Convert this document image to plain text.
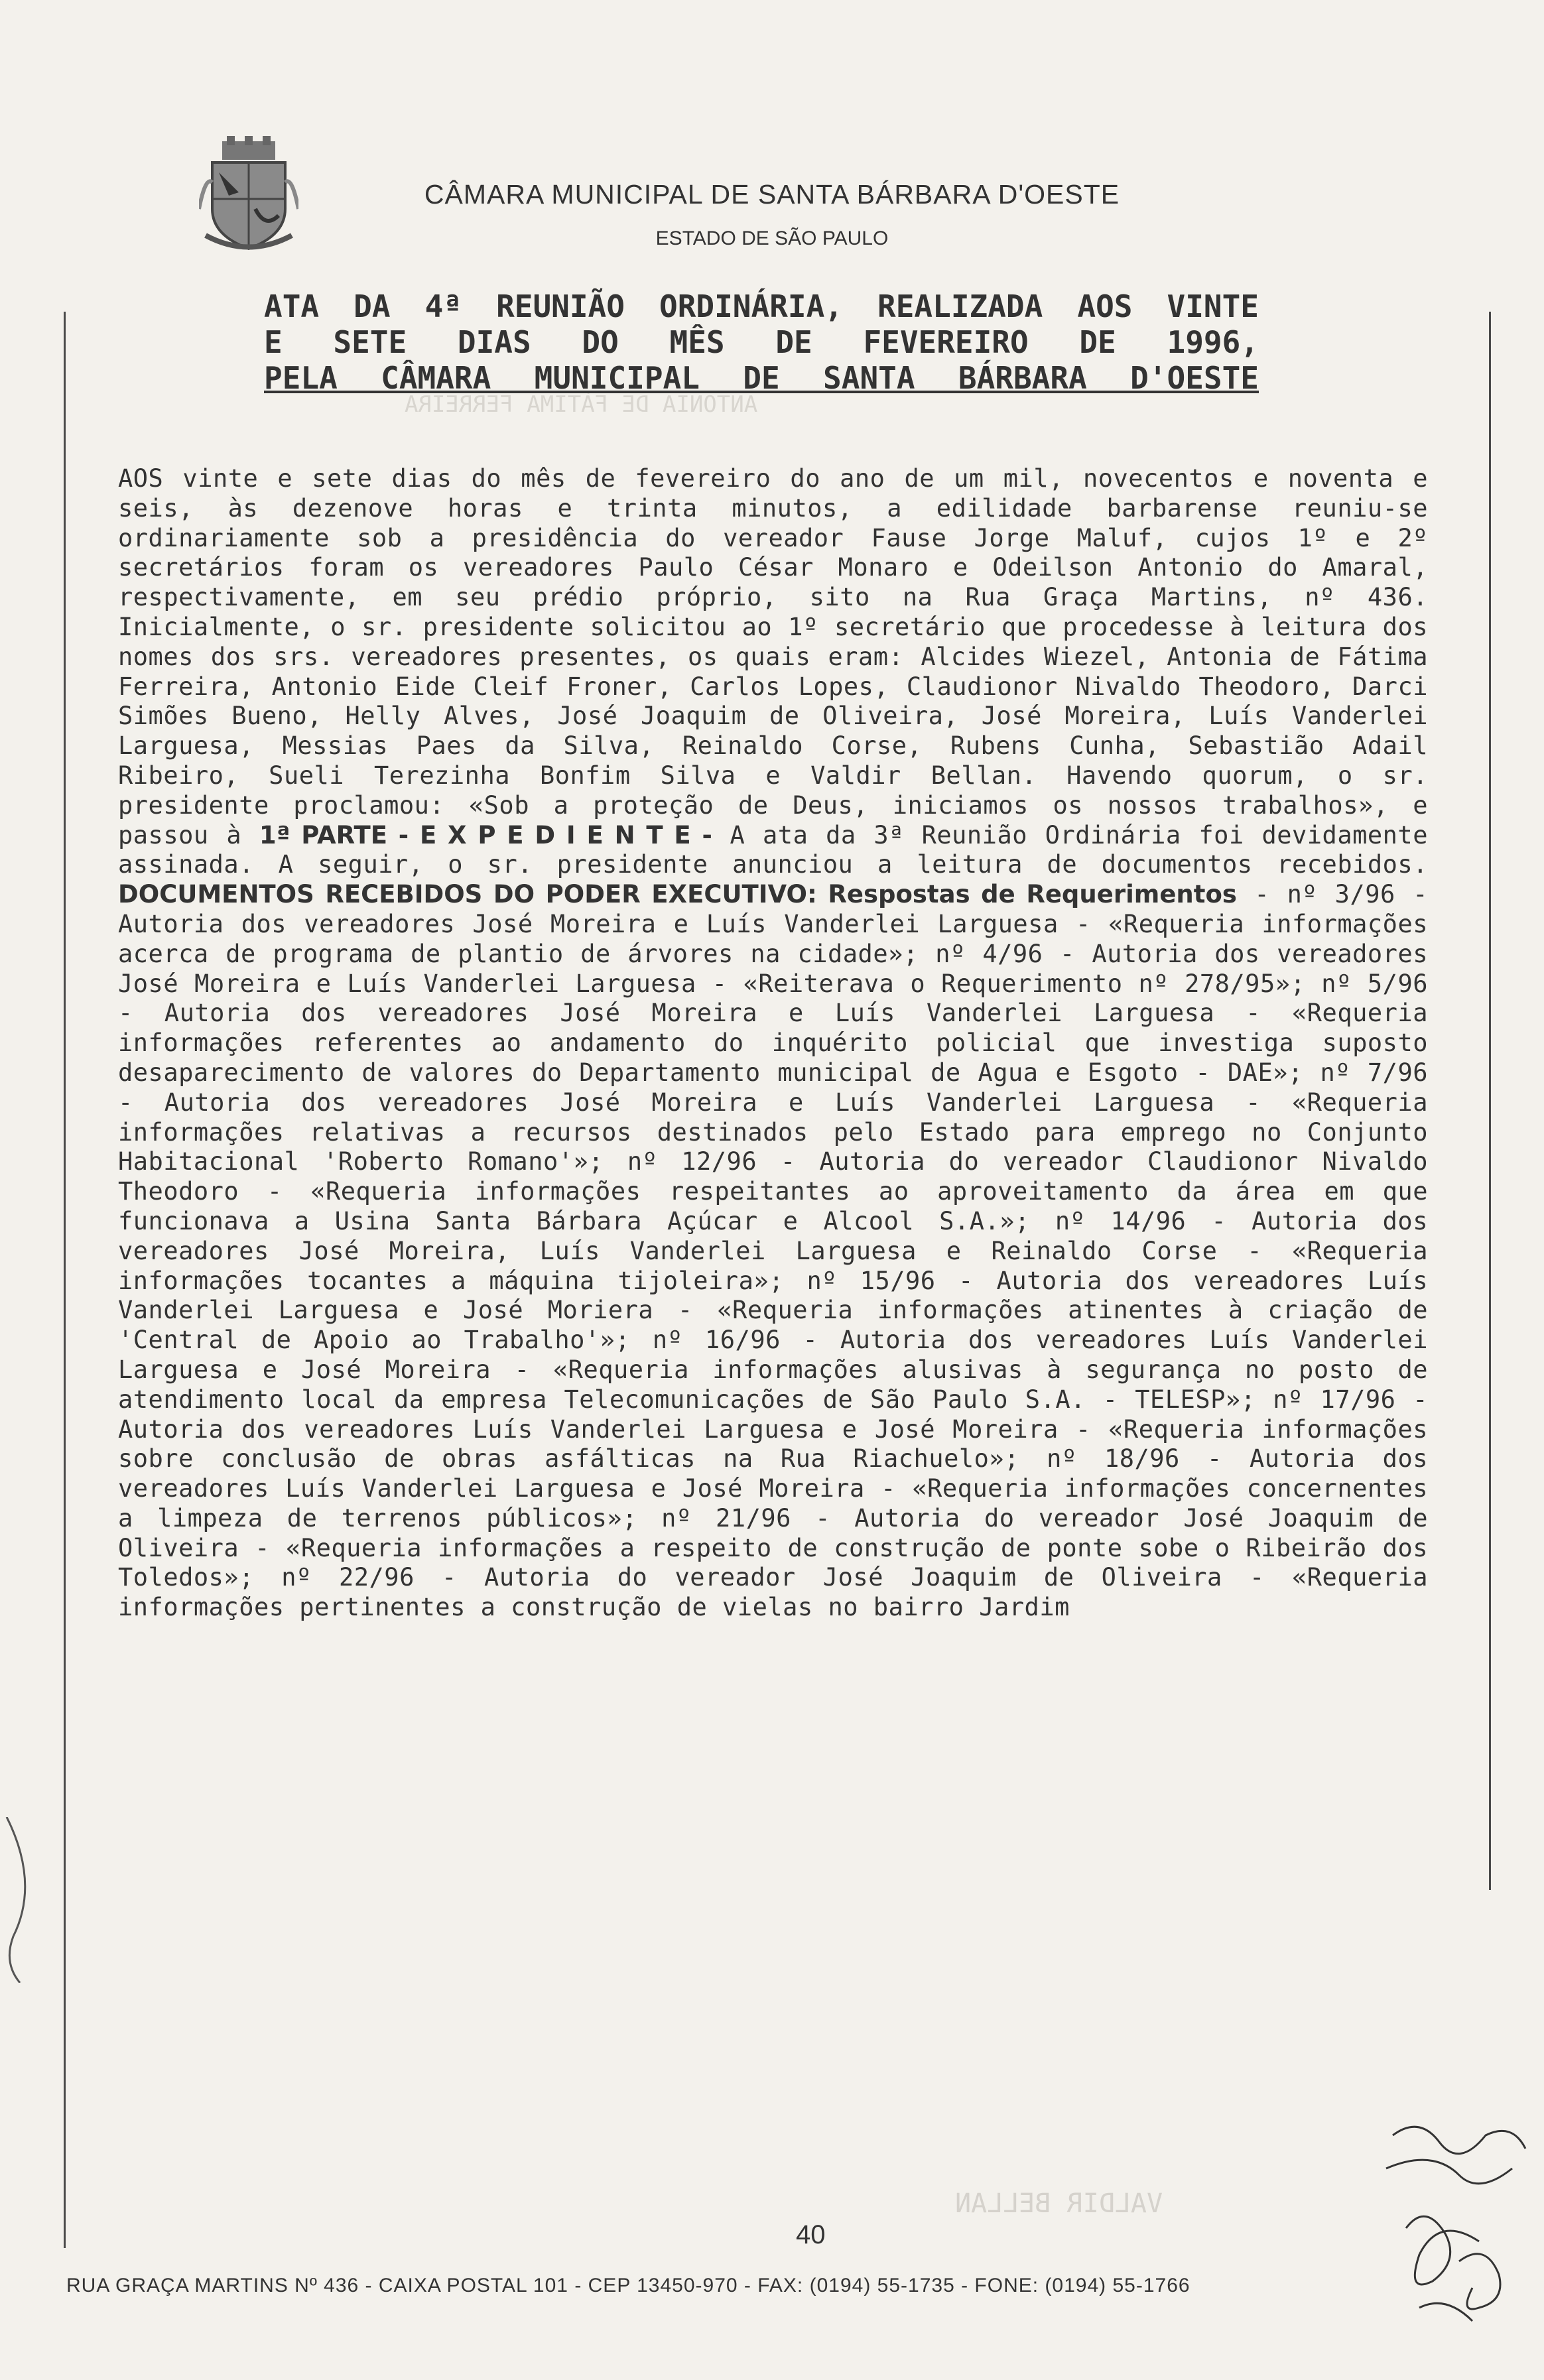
ANTONIA DE FÁTIMA FERREIRA
CÂMARA MUNICIPAL DE SANTA BÁRBARA D'OESTE
ESTADO DE SÃO PAULO
ATA DA 4ª REUNIÃO ORDINÁRIA, REALIZADA AOS VINTE
E SETE DIAS DO MÊS DE FEVEREIRO DE 1996,
PELA CÂMARA MUNICIPAL DE SANTA BÁRBARA D'OESTE
AOS vinte e sete dias do mês de fevereiro do ano de um mil, novecentos e noventa e seis, às dezenove horas e trinta minutos, a edilidade barbarense reuniu-se ordinariamente sob a presidência do vereador Fause Jorge Maluf, cujos 1º e 2º secretários foram os vereadores Paulo César Monaro e Odeilson Antonio do Amaral, respectivamente, em seu prédio próprio, sito na Rua Graça Martins, nº 436. Inicialmente, o sr. presidente solicitou ao 1º secretário que procedesse à leitura dos nomes dos srs. vereadores presentes, os quais eram: Alcides Wiezel, Antonia de Fátima Ferreira, Antonio Eide Cleif Froner, Carlos Lopes, Claudionor Nivaldo Theodoro, Darci Simões Bueno, Helly Alves, José Joaquim de Oliveira, José Moreira, Luís Vanderlei Larguesa, Messias Paes da Silva, Reinaldo Corse, Rubens Cunha, Sebastião Adail Ribeiro, Sueli Terezinha Bonfim Silva e Valdir Bellan. Havendo quorum, o sr. presidente proclamou: «Sob a proteção de Deus, iniciamos os nossos trabalhos», e passou à 1ª PARTE - E X P E D I E N T E - A ata da 3ª Reunião Ordinária foi devidamente assinada. A seguir, o sr. presidente anunciou a leitura de documentos recebidos. DOCUMENTOS RECEBIDOS DO PODER EXECUTIVO: Respostas de Requerimentos - nº 3/96 - Autoria dos vereadores José Moreira e Luís Vanderlei Larguesa - «Requeria informações acerca de programa de plantio de árvores na cidade»; nº 4/96 - Autoria dos vereadores José Moreira e Luís Vanderlei Larguesa - «Reiterava o Requerimento nº 278/95»; nº 5/96 - Autoria dos vereadores José Moreira e Luís Vanderlei Larguesa - «Requeria informações referentes ao andamento do inquérito policial que investiga suposto desaparecimento de valores do Departamento municipal de Agua e Esgoto - DAE»; nº 7/96 - Autoria dos vereadores José Moreira e Luís Vanderlei Larguesa - «Requeria informações relativas a recursos destinados pelo Estado para emprego no Conjunto Habitacional 'Roberto Romano'»; nº 12/96 - Autoria do vereador Claudionor Nivaldo Theodoro - «Requeria informações respeitantes ao aproveitamento da área em que funcionava a Usina Santa Bárbara Açúcar e Alcool S.A.»; nº 14/96 - Autoria dos vereadores José Moreira, Luís Vanderlei Larguesa e Reinaldo Corse - «Requeria informações tocantes a máquina tijoleira»; nº 15/96 - Autoria dos vereadores Luís Vanderlei Larguesa e José Moriera - «Requeria informações atinentes à criação de 'Central de Apoio ao Trabalho'»; nº 16/96 - Autoria dos vereadores Luís Vanderlei Larguesa e José Moreira - «Requeria informações alusivas à segurança no posto de atendimento local da empresa Telecomunicações de São Paulo S.A. - TELESP»; nº 17/96 - Autoria dos vereadores Luís Vanderlei Larguesa e José Moreira - «Requeria informações sobre conclusão de obras asfálticas na Rua Riachuelo»; nº 18/96 - Autoria dos vereadores Luís Vanderlei Larguesa e José Moreira - «Requeria informações concernentes a limpeza de terrenos públicos»; nº 21/96 - Autoria do vereador José Joaquim de Oliveira - «Requeria informações a respeito de construção de ponte sobe o Ribeirão dos Toledos»; nº 22/96 - Autoria do vereador José Joaquim de Oliveira - «Requeria informações pertinentes a construção de vielas no bairro Jardim
VALDIR BELLAN
40
RUA GRAÇA MARTINS Nº 436 - CAIXA POSTAL 101 - CEP 13450-970 - FAX: (0194) 55-1735 - FONE: (0194) 55-1766
